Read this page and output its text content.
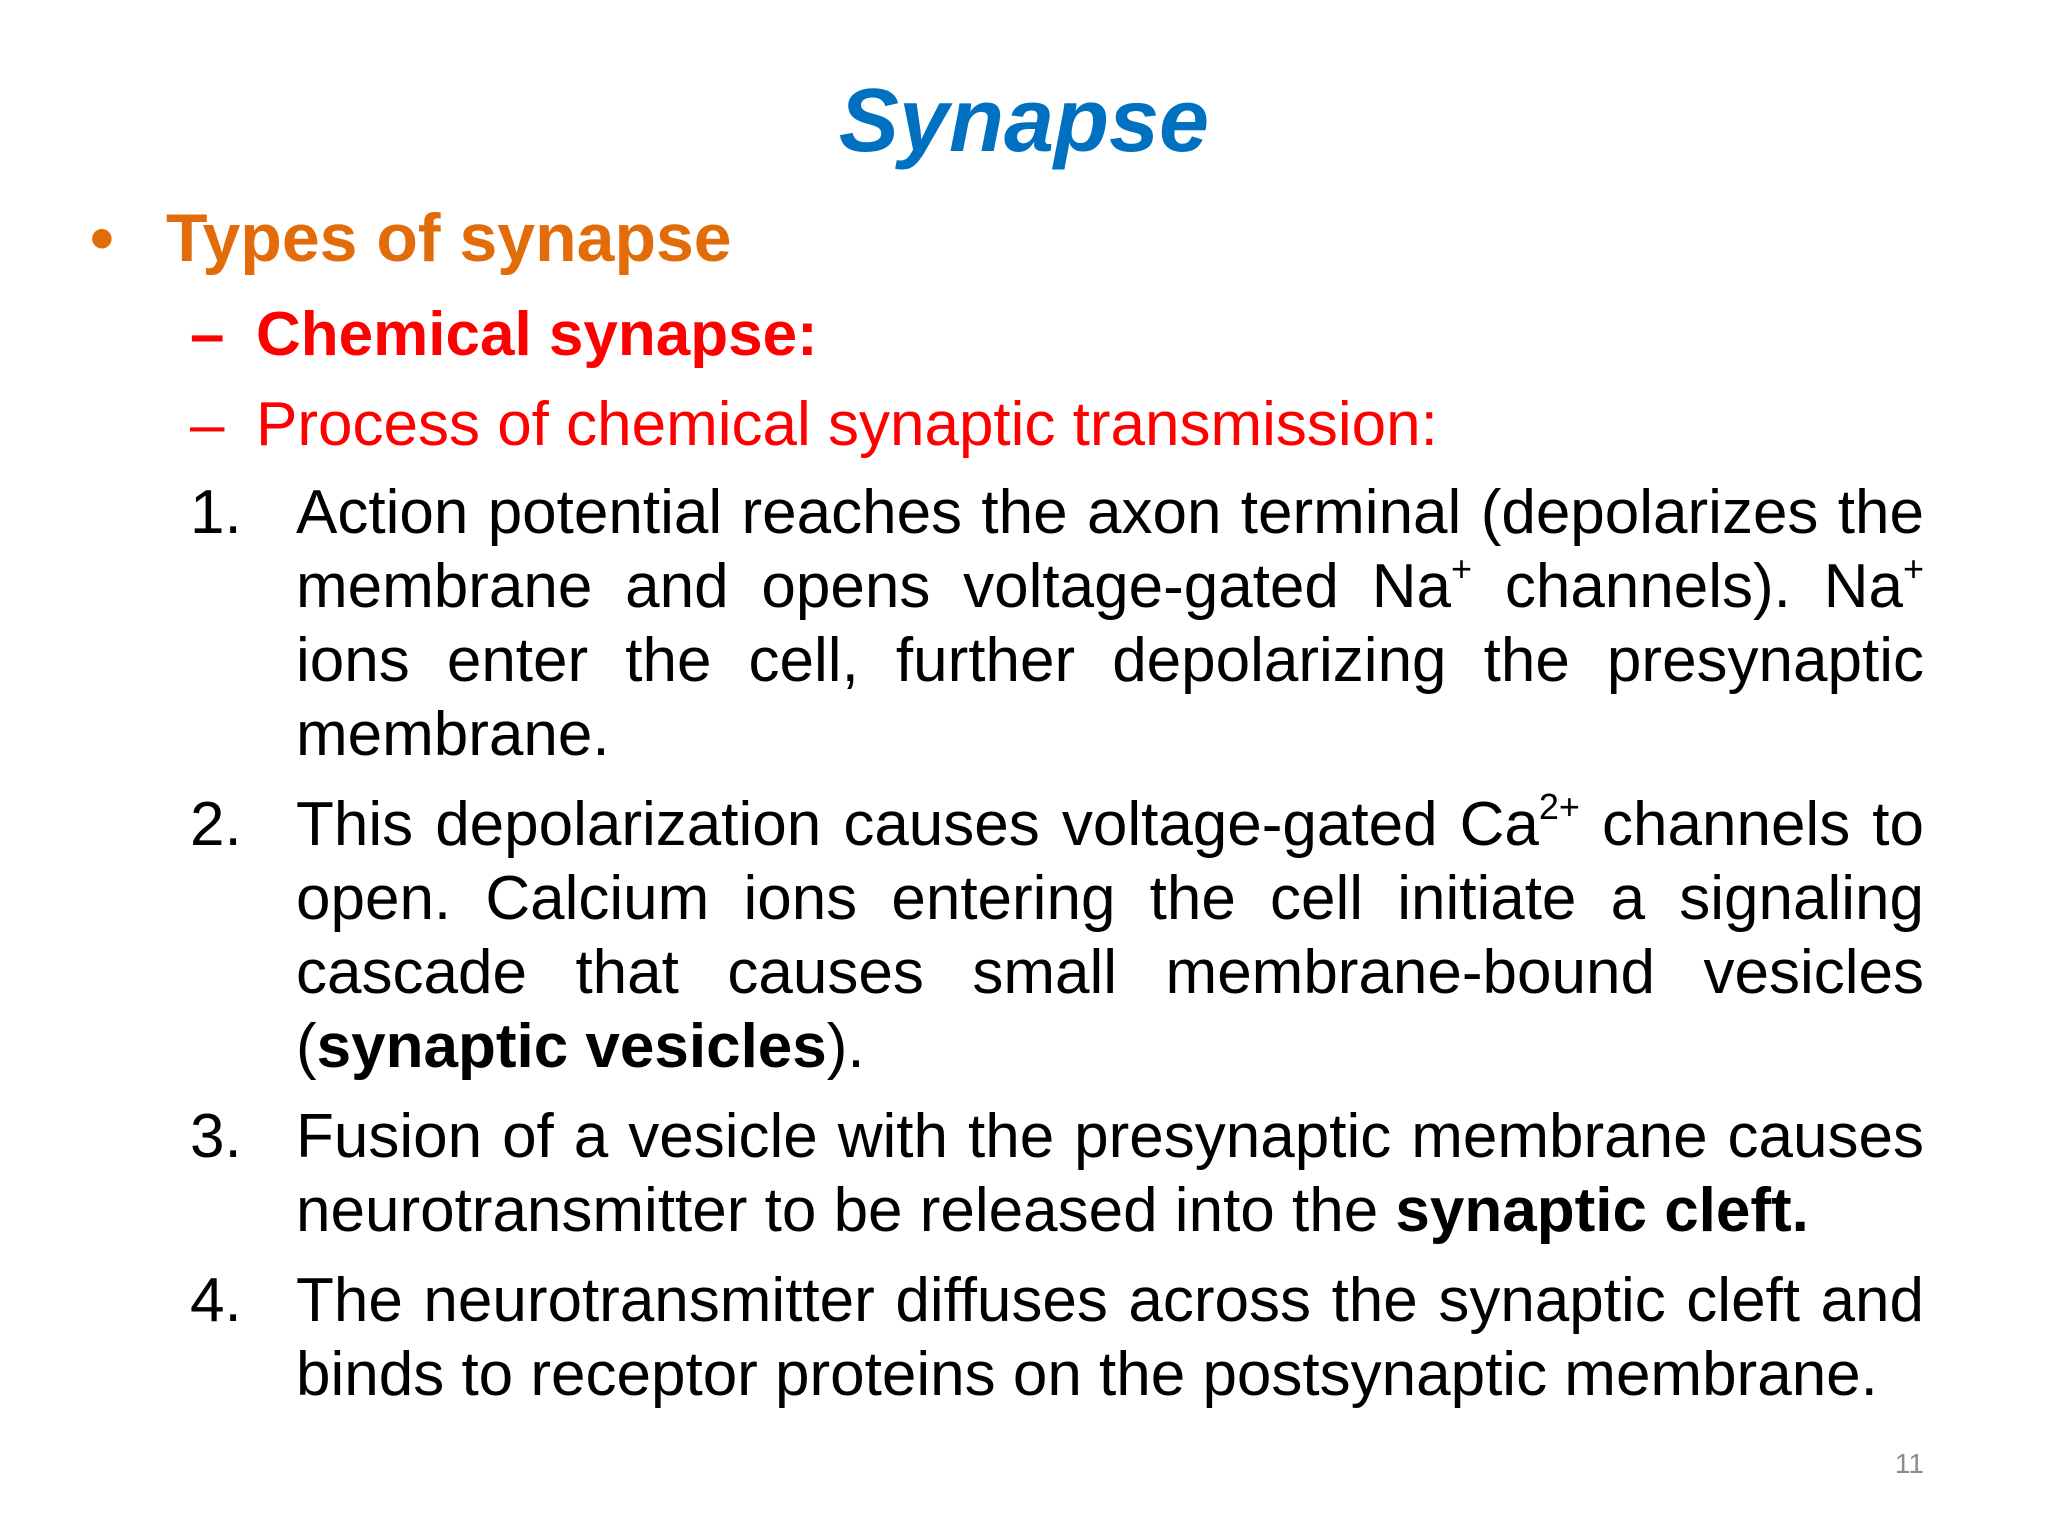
Synapse
• Types of synapse
– Chemical synapse:
– Process of chemical synaptic transmission:
1. Action potential reaches the axon terminal (depolarizes the membrane and opens voltage-gated Na+ channels). Na+ ions enter the cell, further depolarizing the presynaptic membrane.
2. This depolarization causes voltage-gated $Ca^{2+}$ channels to open. Calcium ions entering the cell initiate a signaling cascade that causes small membrane-bound vesicles (synaptic vesicles).
3. Fusion of a vesicle with the presynaptic membrane causes neurotransmitter to be released into the synaptic cleft.
4. The neurotransmitter diffuses across the synaptic cleft and binds to receptor proteins on the postsynaptic membrane.
11
